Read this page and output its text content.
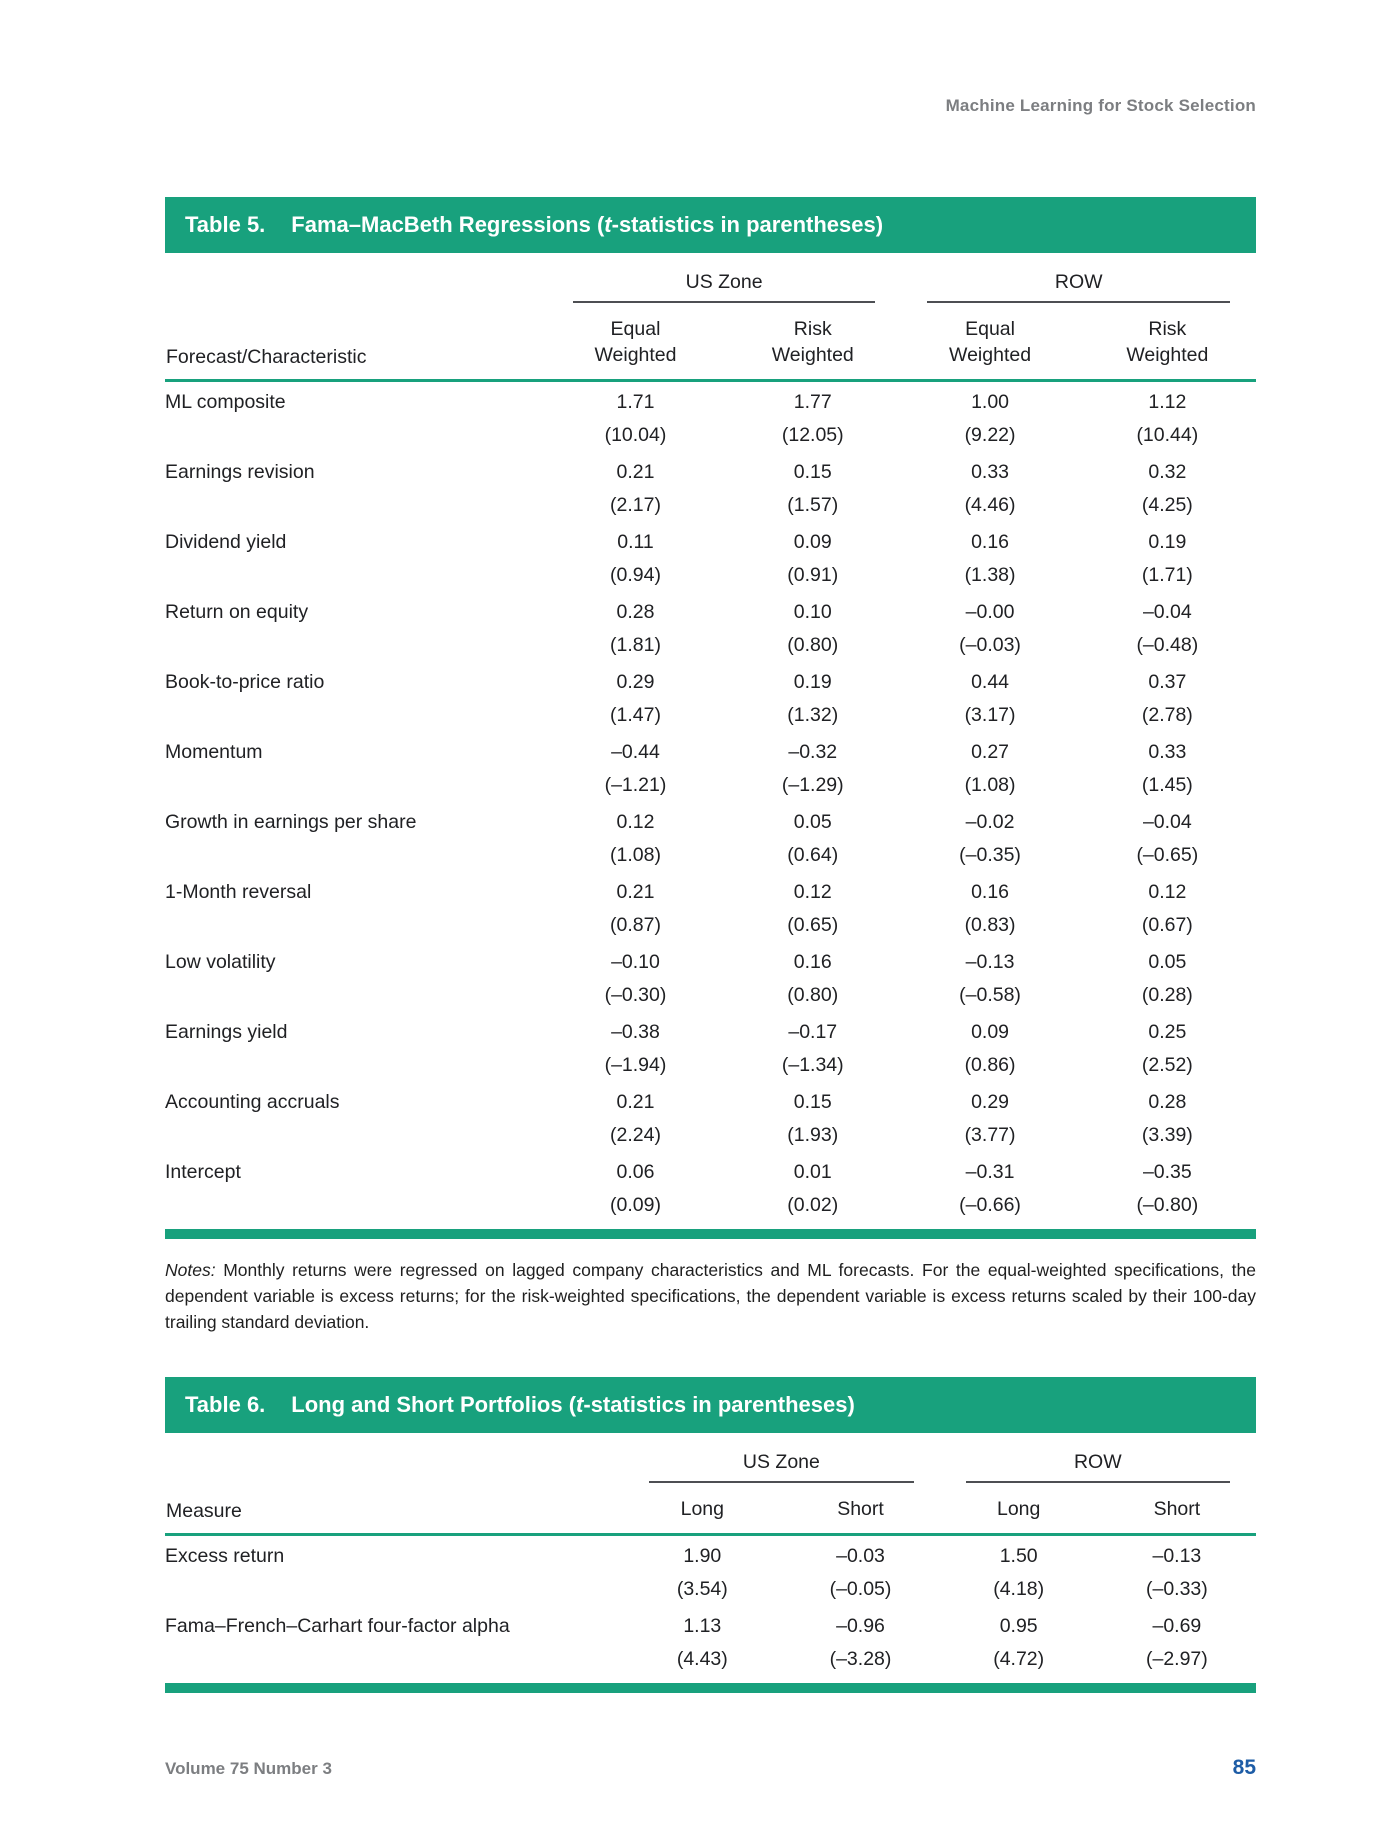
Machine Learning for Stock Selection
Table 5. Fama–MacBeth Regressions (t-statistics in parentheses)

	US Zone		ROW	

Forecast/Characteristic	Equal Weighted	Risk Weighted	Equal Weighted	Risk Weighted
ML composite	1.71	1.77	1.00	1.12
	(10.04)	(12.05)	(9.22)	(10.44)
Earnings revision	0.21	0.15	0.33	0.32
	(2.17)	(1.57)	(4.46)	(4.25)
Dividend yield	0.11	0.09	0.16	0.19
	(0.94)	(0.91)	(1.38)	(1.71)
Return on equity	0.28	0.10	–0.00	–0.04
	(1.81)	(0.80)	(–0.03)	(–0.48)
Book-to-price ratio	0.29	0.19	0.44	0.37
	(1.47)	(1.32)	(3.17)	(2.78)
Momentum	–0.44	–0.32	0.27	0.33
	(–1.21)	(–1.29)	(1.08)	(1.45)
Growth in earnings per share	0.12	0.05	–0.02	–0.04
	(1.08)	(0.64)	(–0.35)	(–0.65)
1-Month reversal	0.21	0.12	0.16	0.12
	(0.87)	(0.65)	(0.83)	(0.67)
Low volatility	–0.10	0.16	–0.13	0.05
	(–0.30)	(0.80)	(–0.58)	(0.28)
Earnings yield	–0.38	–0.17	0.09	0.25
	(–1.94)	(–1.34)	(0.86)	(2.52)
Accounting accruals	0.21	0.15	0.29	0.28
	(2.24)	(1.93)	(3.77)	(3.39)
Intercept	0.06	0.01	–0.31	–0.35
	(0.09)	(0.02)	(–0.66)	(–0.80)

Notes: Monthly returns were regressed on lagged company characteristics and ML forecasts. For the equal-weighted specifications, the dependent variable is excess returns; for the risk-weighted specifications, the dependent variable is excess returns scaled by their 100-day trailing standard deviation.

Table 6. Long and Short Portfolios (t-statistics in parentheses)

	US Zone		ROW	

Measure	Long	Short	Long	Short
Excess return	1.90	–0.03	1.50	–0.13
	(3.54)	(–0.05)	(4.18)	(–0.33)
Fama–French–Carhart four-factor alpha	1.13	–0.96	0.95	–0.69
	(4.43)	(–3.28)	(4.72)	(–2.97)
Volume 75 Number 3	85
